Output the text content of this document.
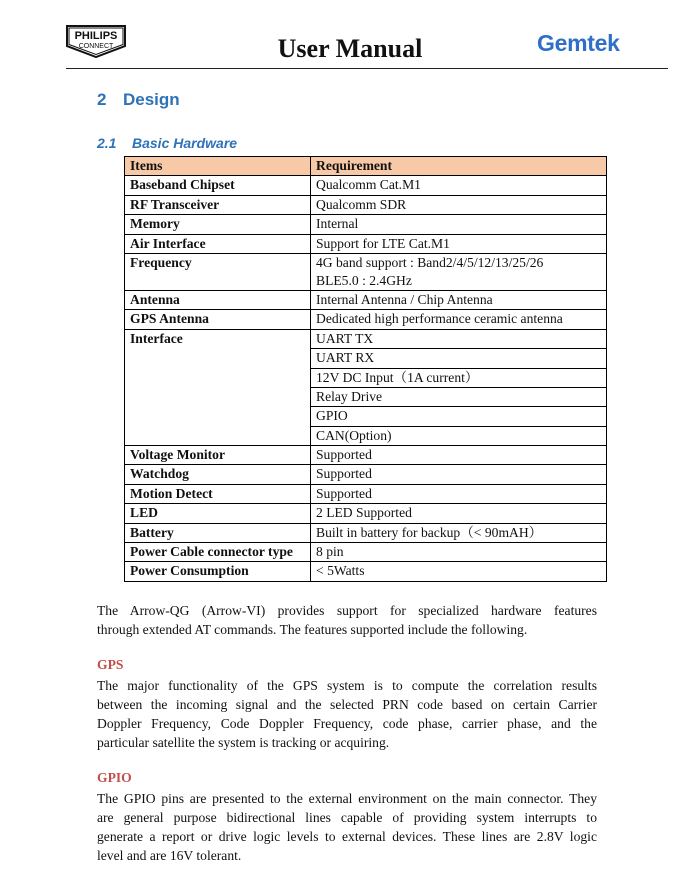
PHILIPS
CONNECT	User Manual	Gemtek
2 Design
2.1 Basic Hardware
Items	Requirement
Baseband Chipset	Qualcomm Cat.M1
RF Transceiver	Qualcomm SDR
Memory	Internal
Air Interface	Support for LTE Cat.M1
Frequency	4G band support : Band2/4/5/12/13/25/26
BLE5.0 : 2.4GHz

Antenna	Internal Antenna / Chip Antenna
GPS Antenna	Dedicated high performance ceramic antenna
Interface	UART TX
	UART RX
	12V DC Input（1A current）
	Relay Drive
	GPIO
	CAN(Option)
Voltage Monitor	Supported
Watchdog	Supported
Motion Detect	Supported
LED	2 LED Supported
Battery	Built in battery for backup（< 90mAH）
Power Cable connector type	8 pin
Power Consumption	< 5Watts
The Arrow-QG (Arrow-VI) provides support for specialized hardware features
through extended AT commands. The features supported include the following.
GPS
The major functionality of the GPS system is to compute the correlation results
between the incoming signal and the selected PRN code based on certain Carrier
Doppler Frequency, Code Doppler Frequency, code phase, carrier phase, and the
particular satellite the system is tracking or acquiring.
GPIO
The GPIO pins are presented to the external environment on the main connector. They
are general purpose bidirectional lines capable of providing system interrupts to
generate a report or drive logic levels to external devices. These lines are 2.8V logic
level and are 16V tolerant.
